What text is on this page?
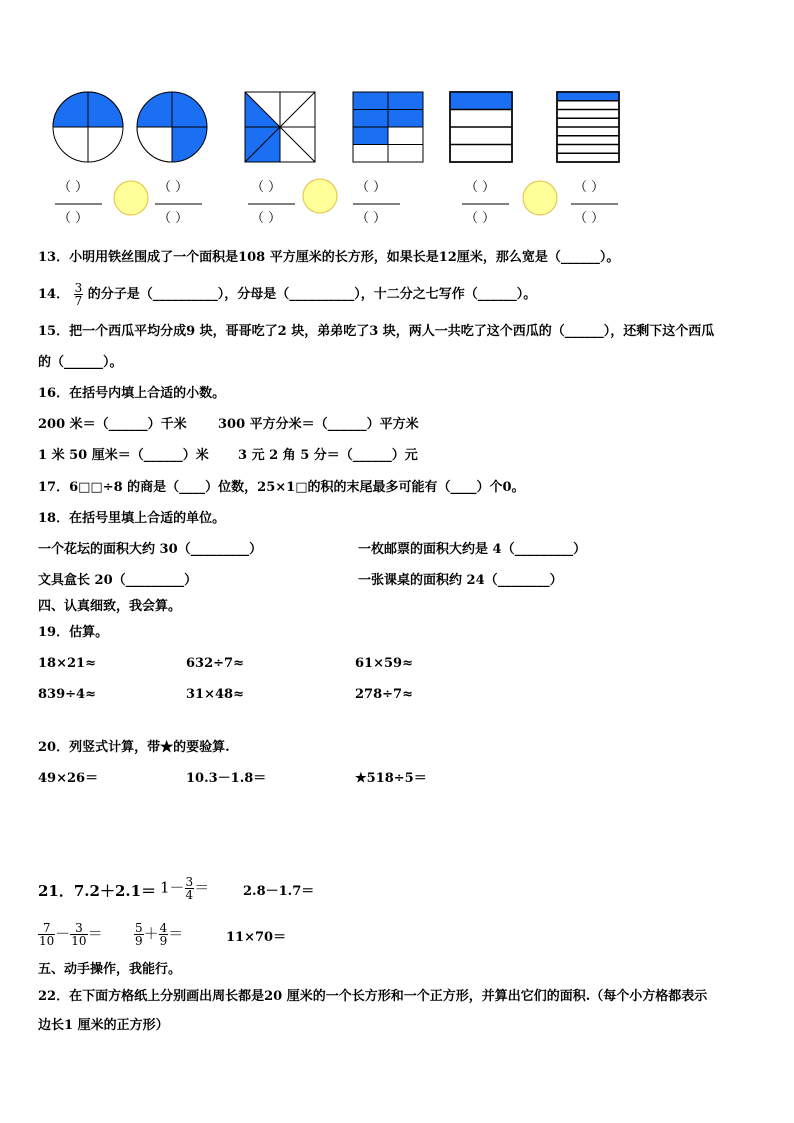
（ ）
（ ）
（ ）
（ ）
（ ）
（ ）
（ ）
（ ）
（ ）
（ ）
（ ）
（ ）
13．小明用铁丝围成了一个面积是108 平方厘米的长方形，如果长是12厘米，那么宽是（______）。
14． $\frac{3}{7}$ 的分子是（__________），分母是（__________），十二分之七写作（______）。
15．把一个西瓜平均分成9 块，哥哥吃了2 块，弟弟吃了3 块，两人一共吃了这个西瓜的（______），还剩下这个西瓜
的（______）。
16．在括号内填上合适的小数。
200 米＝（______）千米 300 平方分米＝（______）平方米
1 米 50 厘米＝（______）米 3 元 2 角 5 分＝（______）元
17．6□□÷8 的商是（____）位数，25×1□的积的末尾最多可能有（____）个0。
18．在括号里填上合适的单位。
一个花坛的面积大约 30（_________）	一枚邮票的面积大约是 4（_________）
文具盒长 20（_________）	一张课桌的面积约 24（________）
四、认真细致，我会算。
19．估算。
18×21≈	632÷7≈	61×59≈
839÷4≈	31×48≈	278÷7≈
20．列竖式计算，带★的要验算.
49×26＝	10.3－1.8＝	★518÷5＝
21．$7.2+2.1= 1- \frac{3}{4}$ ＝	2.8－1.7＝
$\frac{7}{10} - \frac{3}{10}$ ＝	$\frac{5}{9} + \frac{4}{9}$ ＝	11×70＝
五、动手操作，我能行。
22．在下面方格纸上分别画出周长都是20 厘米的一个长方形和一个正方形，并算出它们的面积.（每个小方格都表示
边长1 厘米的正方形）
